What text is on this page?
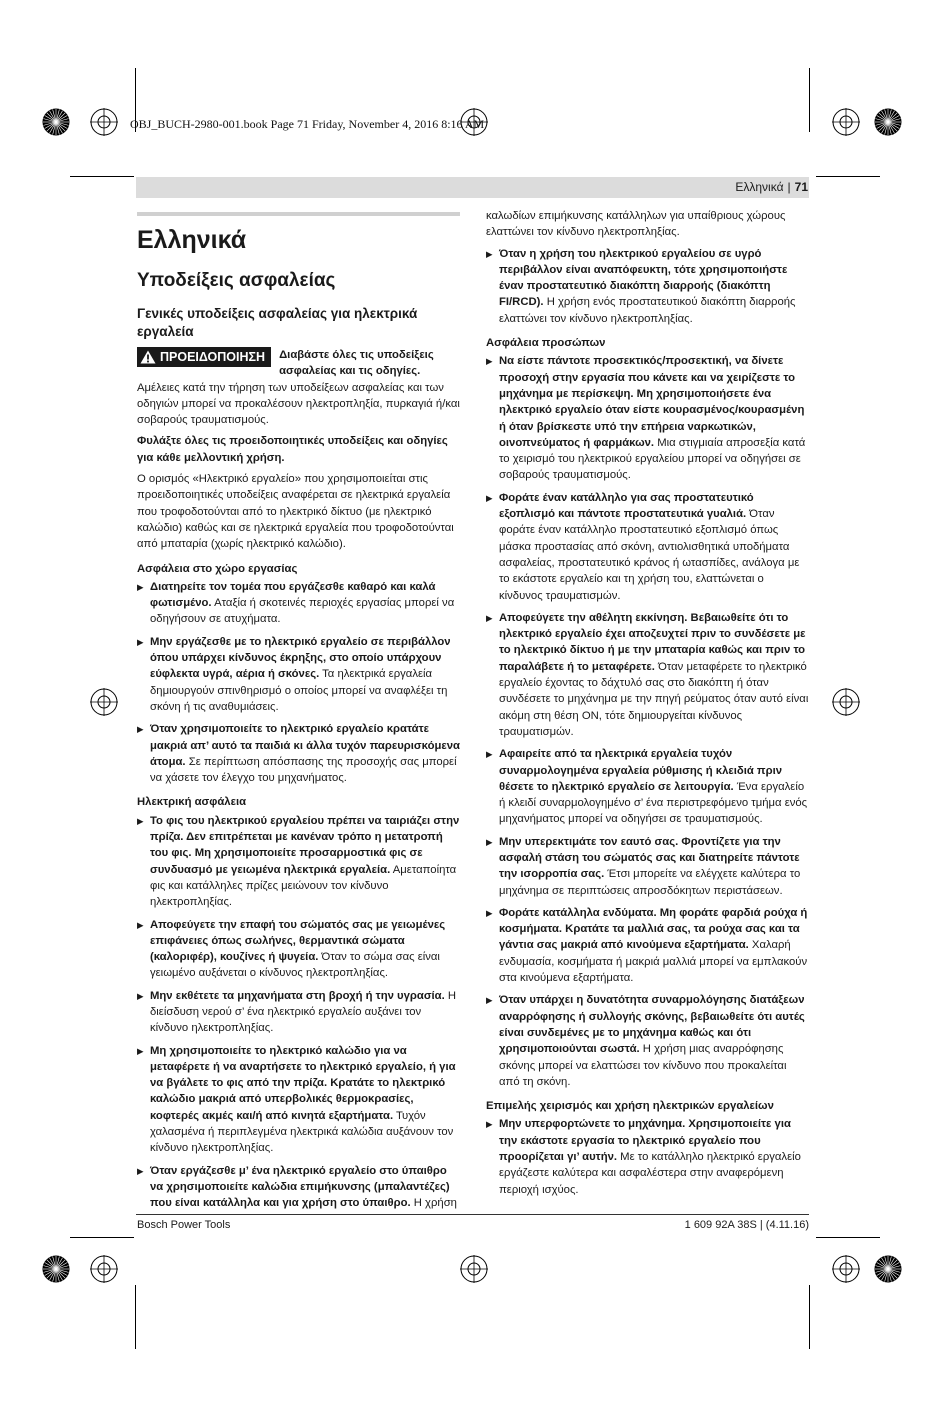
OBJ_BUCH-2980-001.book Page 71 Friday, November 4, 2016 8:16 AM
Ελληνικά | 71
Ελληνικά
Υποδείξεις ασφαλείας
Γενικές υποδείξεις ασφαλείας για ηλεκτρικά εργαλεία
ΠΡΟΕΙΔΟΠΟΙΗΣΗ Διαβάστε όλες τις υποδείξεις ασφαλείας και τις οδηγίες.

Αμέλειες κατά την τήρηση των υποδείξεων ασφαλείας και των οδηγιών μπορεί να προκαλέσουν ηλεκτροπληξία, πυρκαγιά ή/και σοβαρούς τραυματισμούς.

Φυλάξτε όλες τις προειδοποιητικές υποδείξεις και οδηγίες για κάθε μελλοντική χρήση.

Ο ορισμός «Ηλεκτρικό εργαλείο» που χρησιμοποιείται στις προειδοποιητικές υποδείξεις αναφέρεται σε ηλεκτρικά εργαλεία που τροφοδοτούνται από το ηλεκτρικό δίκτυο (με ηλεκτρικό καλώδιο) καθώς και σε ηλεκτρικά εργαλεία που τροφοδοτούνται από μπαταρία (χωρίς ηλεκτρικό καλώδιο).

Ασφάλεια στο χώρο εργασίας
▶ Διατηρείτε τον τομέα που εργάζεσθε καθαρό και καλά φωτισμένο. Αταξία ή σκοτεινές περιοχές εργασίας μπορεί να οδηγήσουν σε ατυχήματα.
▶ Μην εργάζεσθε με το ηλεκτρικό εργαλείο σε περιβάλλον όπου υπάρχει κίνδυνος έκρηξης, στο οποίο υπάρχουν εύφλεκτα υγρά, αέρια ή σκόνες. Τα ηλεκτρικά εργαλεία δημιουργούν σπινθηρισμό ο οποίος μπορεί να αναφλέξει τη σκόνη ή τις αναθυμιάσεις.
▶ Όταν χρησιμοποιείτε το ηλεκτρικό εργαλείο κρατάτε μακριά απ’ αυτό τα παιδιά κι άλλα τυχόν παρευρισκόμενα άτομα. Σε περίπτωση απόσπασης της προσοχής σας μπορεί να χάσετε τον έλεγχο του μηχανήματος.
Ηλεκτρική ασφάλεια
▶ Το φις του ηλεκτρικού εργαλείου πρέπει να ταιριάζει στην πρίζα. Δεν επιτρέπεται με κανέναν τρόπο η μετατροπή του φις. Μη χρησιμοποιείτε προσαρμοστικά φις σε συνδυασμό με γειωμένα ηλεκτρικά εργαλεία. Αμεταποίητα φις και κατάλληλες πρίζες μειώνουν τον κίνδυνο ηλεκτροπληξίας.
▶ Αποφεύγετε την επαφή του σώματός σας με γειωμένες επιφάνειες όπως σωλήνες, θερμαντικά σώματα (καλοριφέρ), κουζίνες ή ψυγεία. Όταν το σώμα σας είναι γειωμένο αυξάνεται ο κίνδυνος ηλεκτροπληξίας.
▶ Μην εκθέτετε τα μηχανήματα στη βροχή ή την υγρασία. Η διείσδυση νερού σ’ ένα ηλεκτρικό εργαλείο αυξάνει τον κίνδυνο ηλεκτροπληξίας.
▶ Μη χρησιμοποιείτε το ηλεκτρικό καλώδιο για να μεταφέρετε ή να αναρτήσετε το ηλεκτρικό εργαλείο, ή για να βγάλετε το φις από την πρίζα. Κρατάτε το ηλεκτρικό καλώδιο μακριά από υπερβολικές θερμοκρασίες, κοφτερές ακμές και/ή από κινητά εξαρτήματα. Τυχόν χαλασμένα ή περιπλεγμένα ηλεκτρικά καλώδια αυξάνουν τον κίνδυνο ηλεκτροπληξίας.
▶ Όταν εργάζεσθε μ’ ένα ηλεκτρικό εργαλείο στο ύπαιθρο να χρησιμοποιείτε καλώδια επιμήκυνσης (μπαλαντέζες) που είναι κατάλληλα και για χρήση στο ύπαιθρο. Η χρήση

καλωδίων επιμήκυνσης κατάλληλων για υπαίθριους χώρους ελαττώνει τον κίνδυνο ηλεκτροπληξίας.

▶ Όταν η χρήση του ηλεκτρικού εργαλείου σε υγρό περιβάλλον είναι αναπόφευκτη, τότε χρησιμοποιήστε έναν προστατευτικό διακόπτη διαρροής (διακόπτη FI/RCD). Η χρήση ενός προστατευτικού διακόπτη διαρροής ελαττώνει τον κίνδυνο ηλεκτροπληξίας.
Ασφάλεια προσώπων
▶ Να είστε πάντοτε προσεκτικός/προσεκτική, να δίνετε προσοχή στην εργασία που κάνετε και να χειρίζεστε το μηχάνημα με περίσκεψη. Μη χρησιμοποιήσετε ένα ηλεκτρικό εργαλείο όταν είστε κουρασμένος/κουρασμένη ή όταν βρίσκεστε υπό την επήρεια ναρκωτικών, οινοπνεύματος ή φαρμάκων. Μια στιγμιαία απροσεξία κατά το χειρισμό του ηλεκτρικού εργαλείου μπορεί να οδηγήσει σε σοβαρούς τραυματισμούς.
▶ Φοράτε έναν κατάλληλο για σας προστατευτικό εξοπλισμό και πάντοτε προστατευτικά γυαλιά. Όταν φοράτε έναν κατάλληλο προστατευτικό εξοπλισμό όπως μάσκα προστασίας από σκόνη, αντιολισθητικά υποδήματα ασφαλείας, προστατευτικό κράνος ή ωτασπίδες, ανάλογα με το εκάστοτε εργαλείο και τη χρήση του, ελαττώνεται ο κίνδυνος τραυματισμών.
▶ Αποφεύγετε την αθέλητη εκκίνηση. Βεβαιωθείτε ότι το ηλεκτρικό εργαλείο έχει αποζευχτεί πριν το συνδέσετε με το ηλεκτρικό δίκτυο ή με την μπαταρία καθώς και πριν το παραλάβετε ή το μεταφέρετε. Όταν μεταφέρετε το ηλεκτρικό εργαλείο έχοντας το δάχτυλό σας στο διακόπτη ή όταν συνδέσετε το μηχάνημα με την πηγή ρεύματος όταν αυτό είναι ακόμη στη θέση ON, τότε δημιουργείται κίνδυνος τραυματισμών.
▶ Αφαιρείτε από τα ηλεκτρικά εργαλεία τυχόν συναρμολογημένα εργαλεία ρύθμισης ή κλειδιά πριν θέσετε το ηλεκτρικό εργαλείο σε λειτουργία. Ένα εργαλείο ή κλειδί συναρμολογημένο σ’ ένα περιστρεφόμενο τμήμα ενός μηχανήματος μπορεί να οδηγήσει σε τραυματισμούς.
▶ Μην υπερεκτιμάτε τον εαυτό σας. Φροντίζετε για την ασφαλή στάση του σώματός σας και διατηρείτε πάντοτε την ισορροπία σας. Έτσι μπορείτε να ελέγχετε καλύτερα το μηχάνημα σε περιπτώσεις απροσδόκητων περιστάσεων.
▶ Φοράτε κατάλληλα ενδύματα. Μη φοράτε φαρδιά ρούχα ή κοσμήματα. Κρατάτε τα μαλλιά σας, τα ρούχα σας και τα γάντια σας μακριά από κινούμενα εξαρτήματα. Χαλαρή ενδυμασία, κοσμήματα ή μακριά μαλλιά μπορεί να εμπλακούν στα κινούμενα εξαρτήματα.
▶ Όταν υπάρχει η δυνατότητα συναρμολόγησης διατάξεων αναρρόφησης ή συλλογής σκόνης, βεβαιωθείτε ότι αυτές είναι συνδεμένες με το μηχάνημα καθώς και ότι χρησιμοποιούνται σωστά. Η χρήση μιας αναρρόφησης σκόνης μπορεί να ελαττώσει τον κίνδυνο που προκαλείται από τη σκόνη.
Επιμελής χειρισμός και χρήση ηλεκτρικών εργαλείων
▶ Μην υπερφορτώνετε το μηχάνημα. Χρησιμοποιείτε για την εκάστοτε εργασία το ηλεκτρικό εργαλείο που προορίζεται γι’ αυτήν. Με το κατάλληλο ηλεκτρικό εργαλείο εργάζεστε καλύτερα και ασφαλέστερα στην αναφερόμενη περιοχή ισχύος.
Bosch Power Tools	1 609 92A 38S | (4.11.16)
